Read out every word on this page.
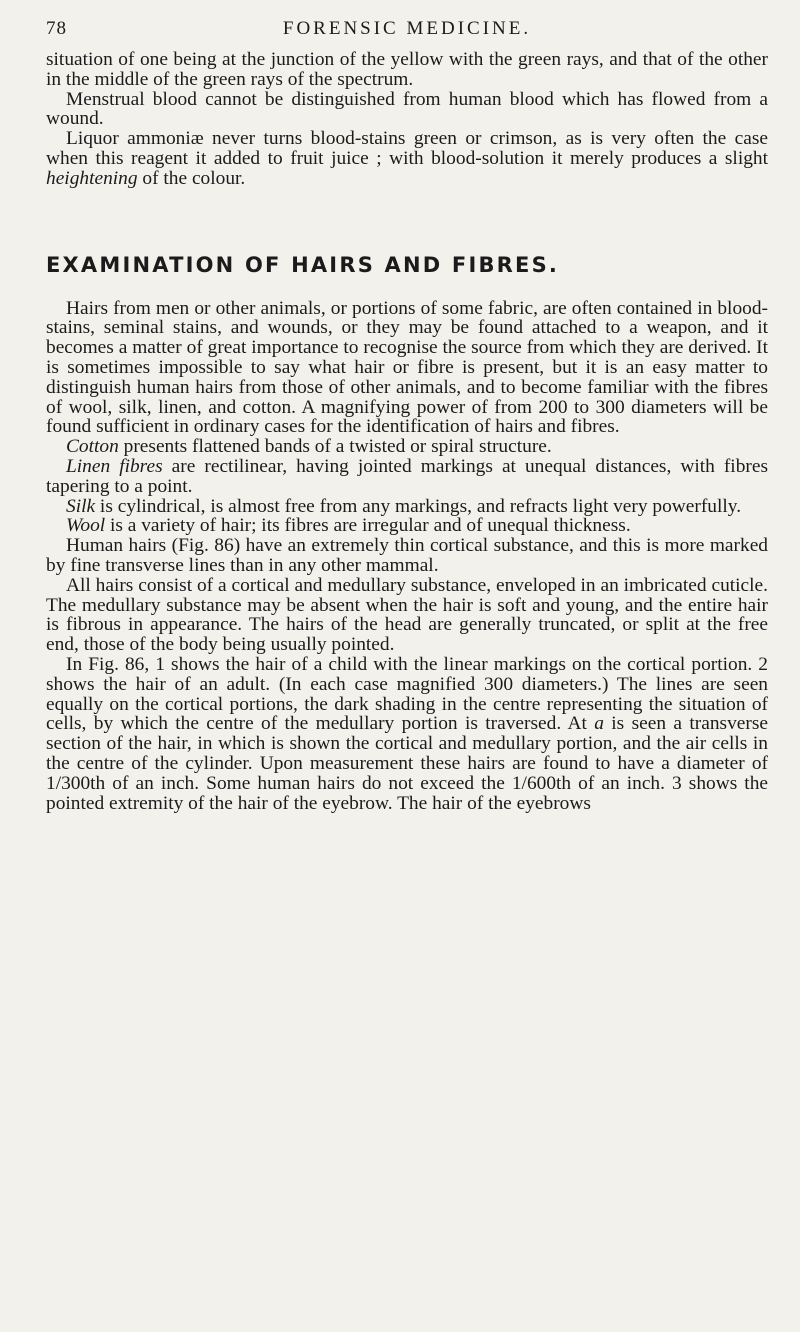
78	FORENSIC MEDICINE.

situation of one being at the junction of the yellow with the green rays, and that of the other in the middle of the green rays of the spectrum.

Menstrual blood cannot be distinguished from human blood which has flowed from a wound.

Liquor ammoniæ never turns blood-stains green or crimson, as is very often the case when this reagent it added to fruit juice ; with blood-solution it merely produces a slight heightening of the colour.

EXAMINATION OF HAIRS AND FIBRES.

Hairs from men or other animals, or portions of some fabric, are often contained in blood-stains, seminal stains, and wounds, or they may be found attached to a weapon, and it becomes a matter of great importance to recognise the source from which they are derived. It is sometimes impossible to say what hair or fibre is present, but it is an easy matter to distinguish human hairs from those of other animals, and to become familiar with the fibres of wool, silk, linen, and cotton. A magnifying power of from 200 to 300 diameters will be found sufficient in ordinary cases for the identification of hairs and fibres.

Cotton presents flattened bands of a twisted or spiral structure.

Linen fibres are rectilinear, having jointed markings at unequal distances, with fibres tapering to a point.

Silk is cylindrical, is almost free from any markings, and refracts light very powerfully.

Wool is a variety of hair; its fibres are irregular and of unequal thickness.

Human hairs (Fig. 86) have an extremely thin cortical substance, and this is more marked by fine transverse lines than in any other mammal.

All hairs consist of a cortical and medullary substance, enveloped in an imbricated cuticle. The medullary substance may be absent when the hair is soft and young, and the entire hair is fibrous in appearance. The hairs of the head are generally truncated, or split at the free end, those of the body being usually pointed.

In Fig. 86, 1 shows the hair of a child with the linear markings on the cortical portion. 2 shows the hair of an adult. (In each case magnified 300 diameters.) The lines are seen equally on the cortical portions, the dark shading in the centre representing the situation of cells, by which the centre of the medullary portion is traversed. At a is seen a transverse section of the hair, in which is shown the cortical and medullary portion, and the air cells in the centre of the cylinder. Upon measurement these hairs are found to have a diameter of 1/300th of an inch. Some human hairs do not exceed the 1/600th of an inch. 3 shows the pointed extremity of the hair of the eyebrow. The hair of the eyebrows
